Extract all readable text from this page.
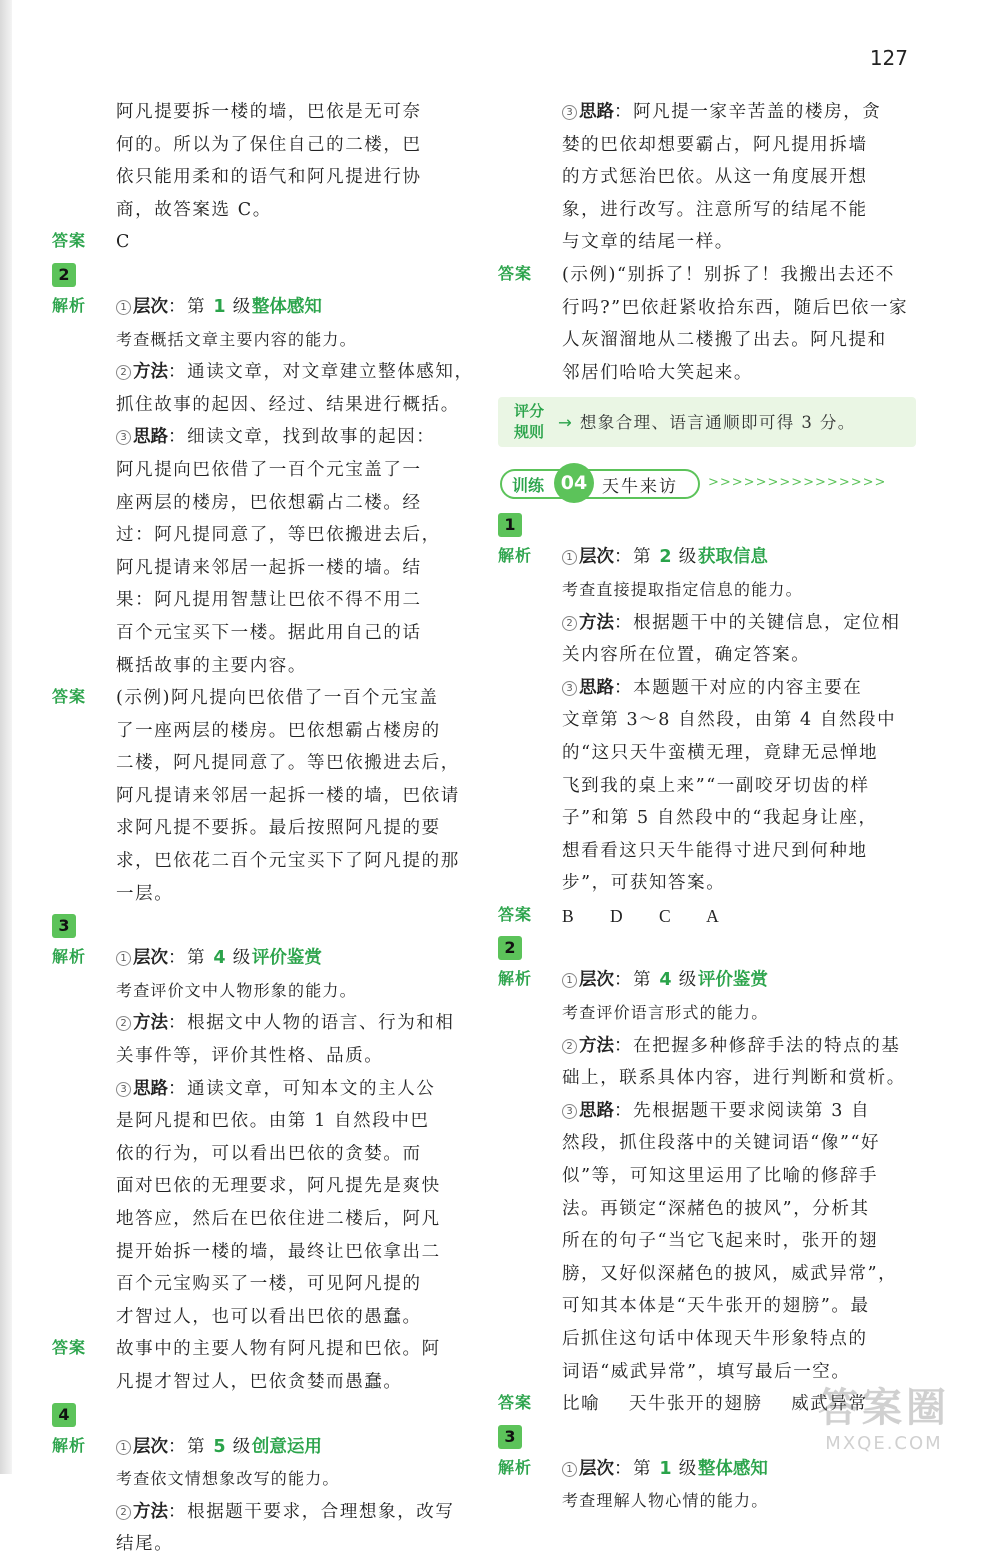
127
阿凡提要拆一楼的墙，巴依是无可奈
何的。所以为了保住自己的二楼，巴
依只能用柔和的语气和阿凡提进行协
商，故答案选 C。
答案 C
2
解析	1 层次：第 1 级整体感知
考查概括文章主要内容的能力。
2 方法：通读文章，对文章建立整体感知，
抓住故事的起因、经过、结果进行概括。
3 思路：细读文章，找到故事的起因：
阿凡提向巴依借了一百个元宝盖了一
座两层的楼房，巴依想霸占二楼。经
过：阿凡提同意了，等巴依搬进去后，
阿凡提请来邻居一起拆一楼的墙。结
果：阿凡提用智慧让巴依不得不用二
百个元宝买下一楼。据此用自己的话
概括故事的主要内容。
答案 (示例)阿凡提向巴依借了一百个元宝盖
了一座两层的楼房。巴依想霸占楼房的
二楼，阿凡提同意了。等巴依搬进去后，
阿凡提请来邻居一起拆一楼的墙，巴依请
求阿凡提不要拆。最后按照阿凡提的要
求，巴依花二百个元宝买下了阿凡提的那
一层。
3
解析	1 层次：第 4 级评价鉴赏
考查评价文中人物形象的能力。
2 方法：根据文中人物的语言、行为和相
关事件等，评价其性格、品质。
3 思路：通读文章，可知本文的主人公
是阿凡提和巴依。由第 1 自然段中巴
依的行为，可以看出巴依的贪婪。而
面对巴依的无理要求，阿凡提先是爽快
地答应，然后在巴依住进二楼后，阿凡
提开始拆一楼的墙，最终让巴依拿出二
百个元宝购买了一楼，可见阿凡提的
才智过人，也可以看出巴依的愚蠢。
答案 故事中的主要人物有阿凡提和巴依。阿
凡提才智过人，巴依贪婪而愚蠢。
4
解析	1 层次：第 5 级创意运用
考查依文情想象改写的能力。
2 方法：根据题干要求，合理想象，改写
结尾。
3 思路：阿凡提一家辛苦盖的楼房，贪
婪的巴依却想要霸占，阿凡提用拆墙
的方式惩治巴依。从这一角度展开想
象，进行改写。注意所写的结尾不能
与文章的结尾一样。
答案 (示例)“别拆了！别拆了！我搬出去还不
行吗?”巴依赶紧收拾东西，随后巴依一家
人灰溜溜地从二楼搬了出去。阿凡提和
邻居们哈哈大笑起来。
评分
规则 → 想象合理、语言通顺即可得 3 分。
训练 04 天牛来访 >>>>>>>>>>>>>>>
1
解析	1 层次：第 2 级获取信息
考查直接提取指定信息的能力。
2 方法：根据题干中的关键信息，定位相
关内容所在位置，确定答案。
3 思路：本题题干对应的内容主要在
文章第 3～8 自然段，由第 4 自然段中
的“这只天牛蛮横无理，竟肆无忌惮地
飞到我的桌上来”“一副咬牙切齿的样
子”和第 5 自然段中的“我起身让座，
想看看这只天牛能得寸进尺到何种地
步”，可获知答案。
答案 B D C A
2
解析	1 层次：第 4 级评价鉴赏
考查评价语言形式的能力。
2 方法：在把握多种修辞手法的特点的基
础上，联系具体内容，进行判断和赏析。
3 思路：先根据题干要求阅读第 3 自
然段，抓住段落中的关键词语“像”“好
似”等，可知这里运用了比喻的修辞手
法。再锁定“深赭色的披风”，分析其
所在的句子“当它飞起来时，张开的翅
膀，又好似深赭色的披风，威武异常”，
可知其本体是“天牛张开的翅膀”。最
后抓住这句话中体现天牛形象特点的
词语“威武异常”，填写最后一空。
答案 比喻    天牛张开的翅膀    威武异常
3
解析	1 层次：第 1 级整体感知
考查理解人物心情的能力。
答案圈
MXQE.COM
